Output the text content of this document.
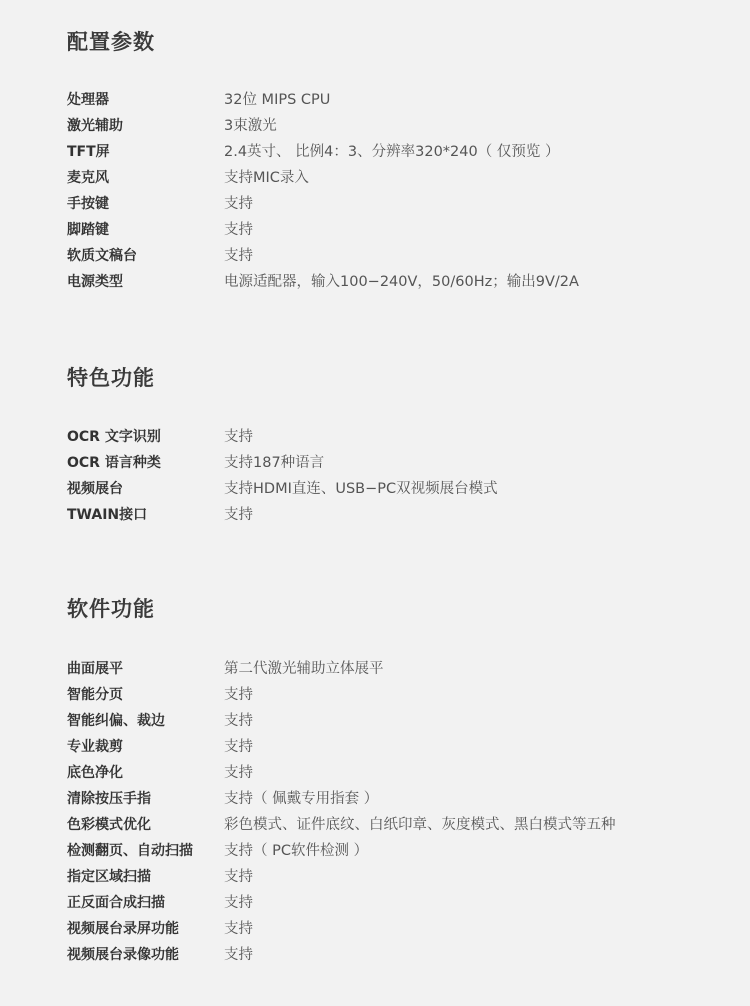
配置参数
处理器	32位 MIPS CPU
激光辅助	3束激光
TFT屏	2.4英寸、 比例4：3、分辨率320*240（ 仅预览 ）
麦克风	支持MIC录入
手按键	支持
脚踏键	支持
软质文稿台	支持
电源类型	电源适配器，输入100−240V，50/60Hz；输出9V/2A
特色功能
OCR 文字识别	支持
OCR 语言种类	支持187种语言
视频展台	支持HDMI直连、USB−PC双视频展台模式
TWAIN接口	支持
软件功能
曲面展平	第二代激光辅助立体展平
智能分页	支持
智能纠偏、裁边	支持
专业裁剪	支持
底色净化	支持
清除按压手指	支持（ 佩戴专用指套 ）
色彩模式优化	彩色模式、证件底纹、白纸印章、灰度模式、黑白模式等五种
检测翻页、自动扫描	支持（ PC软件检测 ）
指定区域扫描	支持
正反面合成扫描	支持
视频展台录屏功能	支持
视频展台录像功能	支持
